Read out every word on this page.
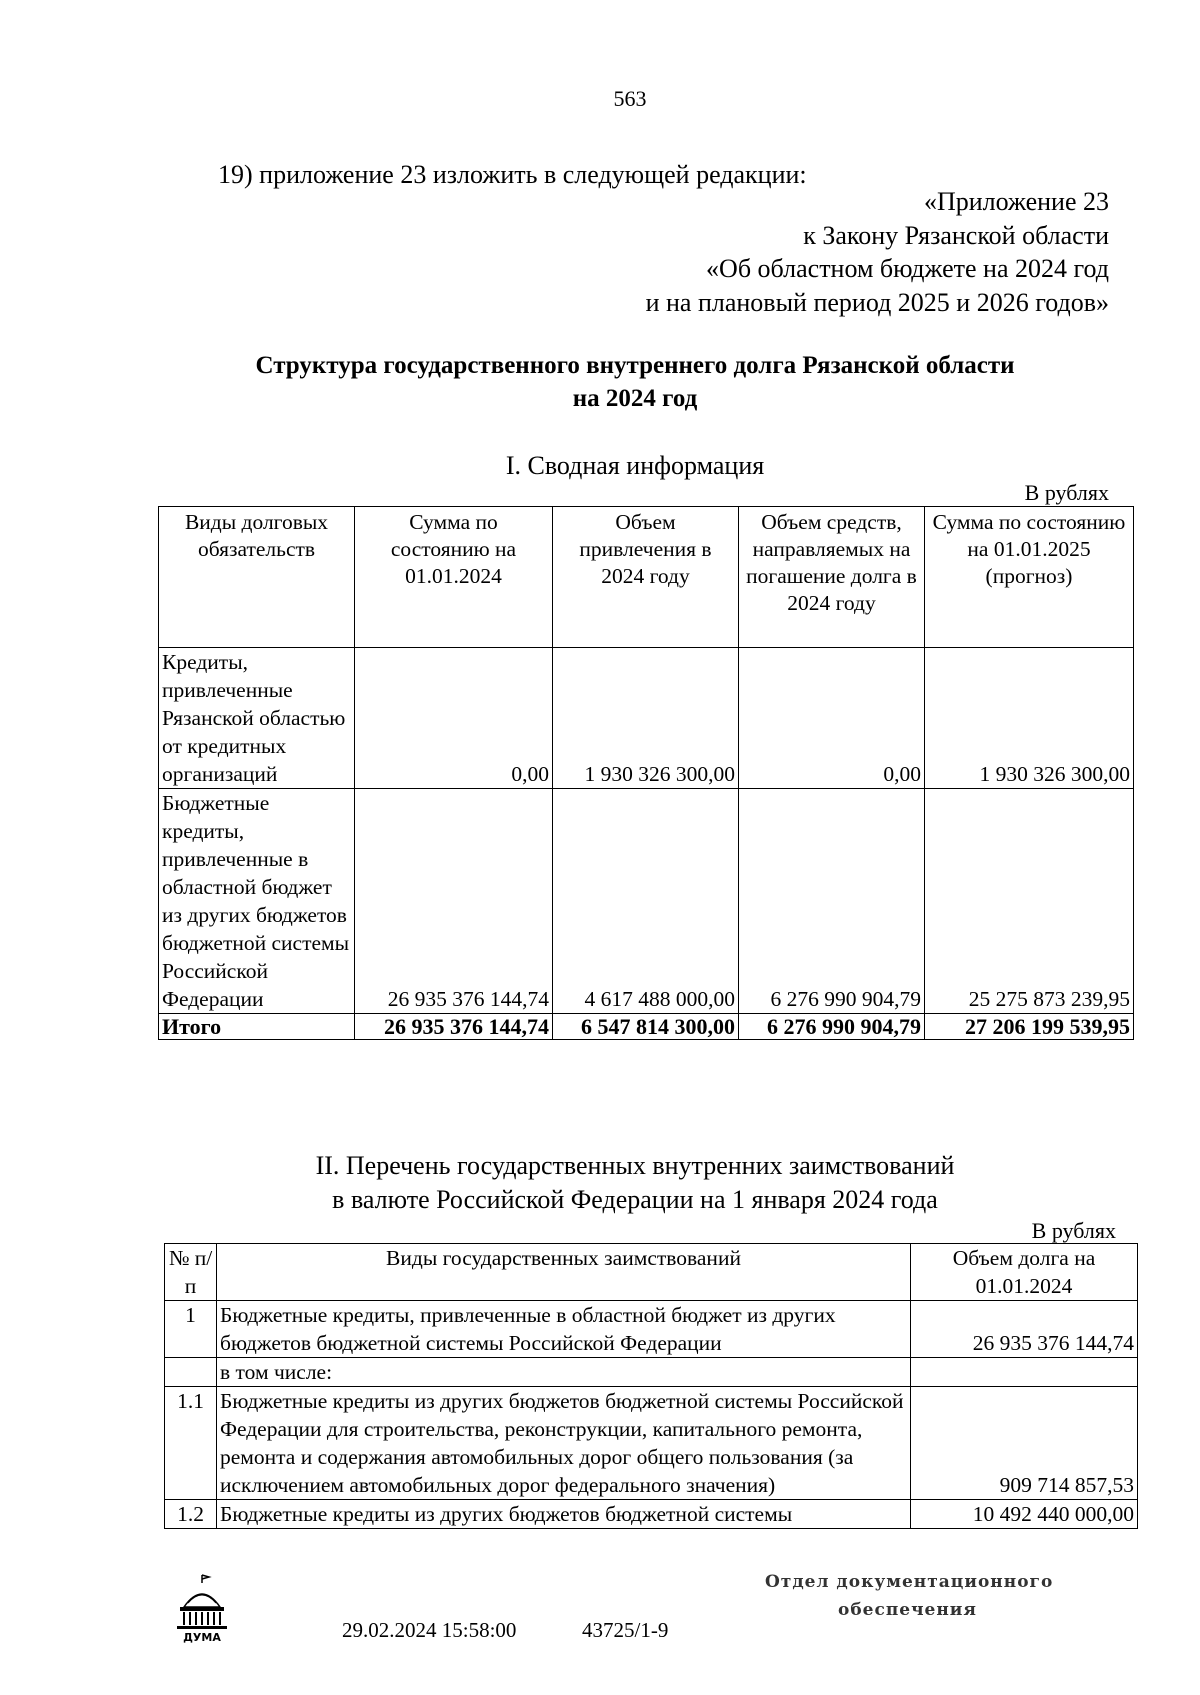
563
19) приложение 23 изложить в следующей редакции:
«Приложение 23
к Закону Рязанской области
«Об областном бюджете на 2024 год
и на плановый период 2025 и 2026 годов»
Структура государственного внутреннего долга Рязанской области
на 2024 год
I. Сводная информация
В рублях
Виды долговых обязательств	Сумма по состоянию на 01.01.2024	Объем привлечения в 2024 году	Объем средств, направляемых на погашение долга в 2024 году	Сумма по состоянию на 01.01.2025 (прогноз)
Кредиты, привлеченные Рязанской областью от кредитных организаций	0,00	1 930 326 300,00	0,00	1 930 326 300,00
Бюджетные кредиты, привлеченные в областной бюджет из других бюджетов бюджетной системы Российской Федерации	26 935 376 144,74	4 617 488 000,00	6 276 990 904,79	25 275 873 239,95
Итого	26 935 376 144,74	6 547 814 300,00	6 276 990 904,79	27 206 199 539,95
II. Перечень государственных внутренних заимствований
в валюте Российской Федерации на 1 января 2024 года
В рублях
№ п/п	Виды государственных заимствований	Объем долга на 01.01.2024
1	Бюджетные кредиты, привлеченные в областной бюджет из других бюджетов бюджетной системы Российской Федерации	26 935 376 144,74
	в том числе:	
1.1	Бюджетные кредиты из других бюджетов бюджетной системы Российской Федерации для строительства, реконструкции, капитального ремонта, ремонта и содержания автомобильных дорог общего пользования (за исключением автомобильных дорог федерального значения)	909 714 857,53
1.2	Бюджетные кредиты из других бюджетов бюджетной системы	10 492 440 000,00
ДУМА	29.02.2024 15:58:00	43725/1-9
Отдел документационного
обеспечения
